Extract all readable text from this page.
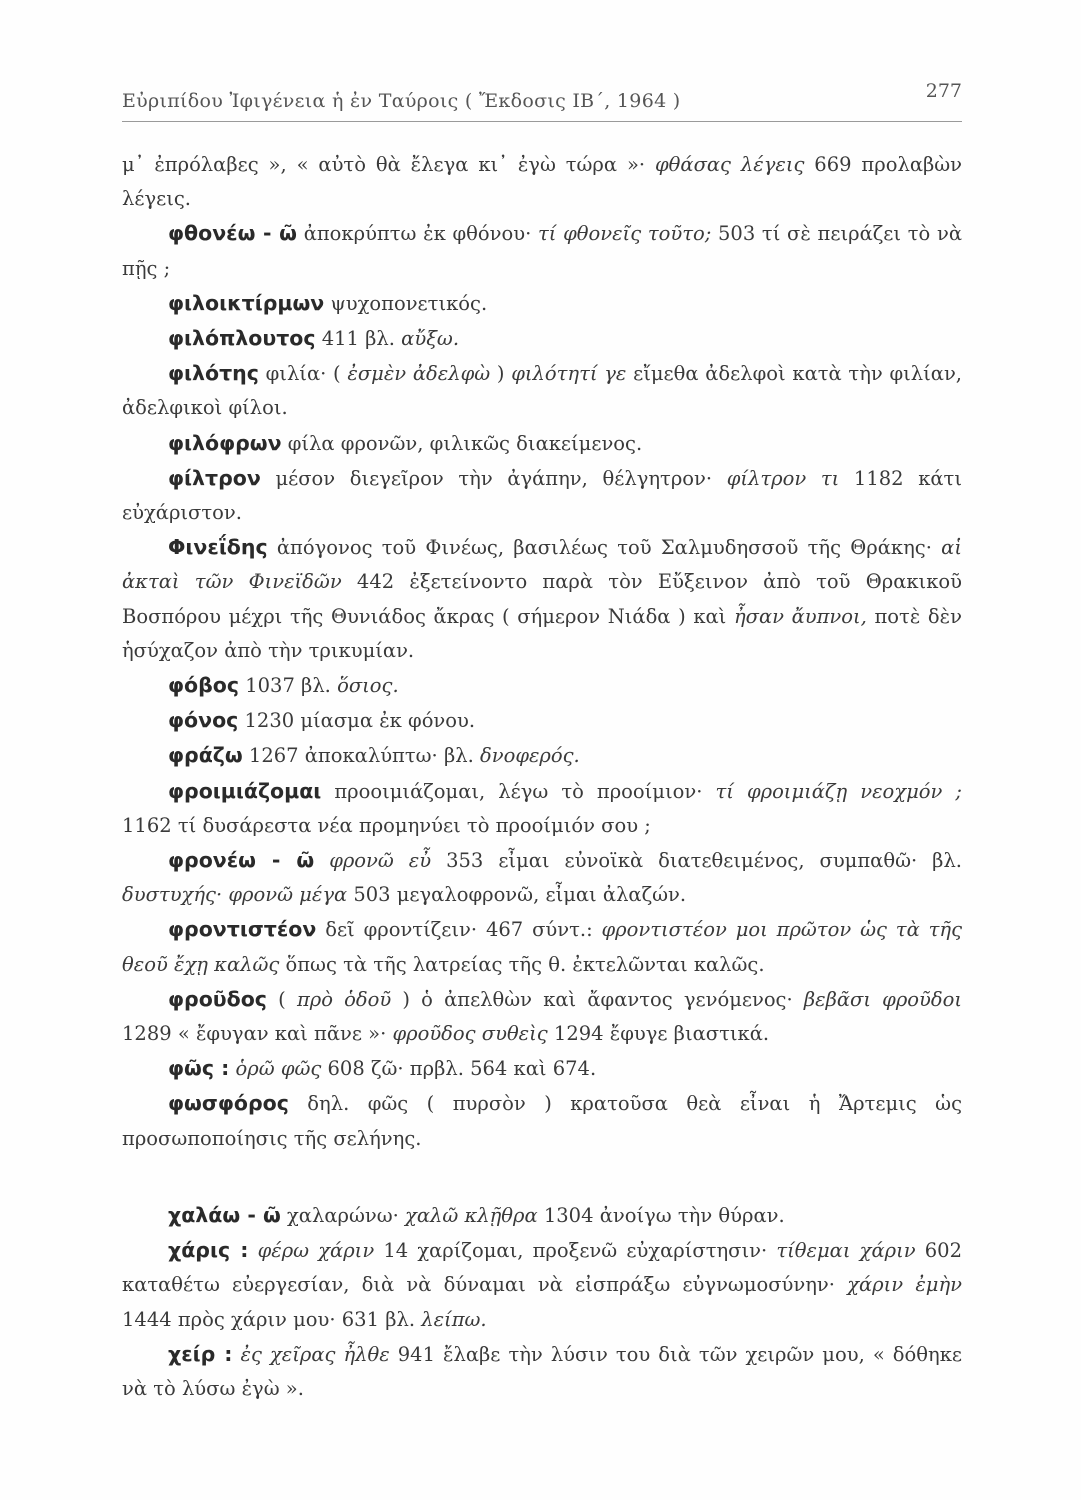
Εὐριπίδου Ἰφιγένεια ἡ ἐν Ταύροις ( Ἔκδοσις ΙΒ΄, 1964 )	277

μ᾽ ἐπρόλαβες », « αὐτὸ θὰ ἔλεγα κι᾽ ἐγὼ τώρα »· φθάσας λέγεις 669 προλαβὼν λέγεις.

φθονέω - ῶ ἀποκρύπτω ἐκ φθόνου· τί φθονεῖς τοῦτο; 503 τί σὲ πειράζει τὸ νὰ πῇς ;

φιλοικτίρμων ψυχοπονετικός.

φιλόπλουτος 411 βλ. αὔξω.

φιλότης φιλία· ( ἐσμὲν ἀδελφὼ ) φιλότητί γε εἴμεθα ἀδελφοὶ κατὰ τὴν φιλίαν, ἀδελφικοὶ φίλοι.

φιλόφρων φίλα φρονῶν, φιλικῶς διακείμενος.

φίλτρον μέσον διεγεῖρον τὴν ἀγάπην, θέλγητρον· φίλτρον τι 1182 κάτι εὐχάριστον.

Φινεΐδης ἀπόγονος τοῦ Φινέως, βασιλέως τοῦ Σαλμυδησσοῦ τῆς Θράκης· αἱ ἀκταὶ τῶν Φινεϊδῶν 442 ἐξετείνοντο παρὰ τὸν Εὔξεινον ἀπὸ τοῦ Θρακικοῦ Βοσπόρου μέχρι τῆς Θυνιάδος ἄκρας ( σήμερον Νιάδα ) καὶ ἦσαν ἄυπνοι, ποτὲ δὲν ἡσύχαζον ἀπὸ τὴν τρικυμίαν.

φόβος 1037 βλ. ὅσιος.

φόνος 1230 μίασμα ἐκ φόνου.

φράζω 1267 ἀποκαλύπτω· βλ. δνοφερός.

φροιμιάζομαι προοιμιάζομαι, λέγω τὸ προοίμιον· τί φροιμιάζῃ νεοχμόν ; 1162 τί δυσάρεστα νέα προμηνύει τὸ προοίμιόν σου ;

φρονέω - ῶ φρονῶ εὖ 353 εἶμαι εὐνοϊκὰ διατεθειμένος, συμπαθῶ· βλ. δυστυχής· φρονῶ μέγα 503 μεγαλοφρονῶ, εἶμαι ἀλαζών.

φροντιστέον δεῖ φροντίζειν· 467 σύντ.: φροντιστέον μοι πρῶτον ὡς τὰ τῆς θεοῦ ἔχῃ καλῶς ὅπως τὰ τῆς λατρείας τῆς θ. ἐκτελῶνται καλῶς.

φροῦδος ( πρὸ ὁδοῦ ) ὁ ἀπελθὼν καὶ ἄφαντος γενόμενος· βεβᾶσι φροῦδοι 1289 « ἔφυγαν καὶ πᾶνε »· φροῦδος συθεὶς 1294 ἔφυγε βιαστικά.

φῶς : ὁρῶ φῶς 608 ζῶ· πρβλ. 564 καὶ 674.

φωσφόρος δηλ. φῶς ( πυρσὸν ) κρατοῦσα θεὰ εἶναι ἡ Ἄρτεμις ὡς προσωποποίησις τῆς σελήνης.

χαλάω - ῶ χαλαρώνω· χαλῶ κλῇθρα 1304 ἀνοίγω τὴν θύραν.

χάρις : φέρω χάριν 14 χαρίζομαι, προξενῶ εὐχαρίστησιν· τίθεμαι χάριν 602 καταθέτω εὐεργεσίαν, διὰ νὰ δύναμαι νὰ εἰσπράξω εὐγνωμοσύνην· χάριν ἐμὴν 1444 πρὸς χάριν μου· 631 βλ. λείπω.

χείρ : ἐς χεῖρας ἦλθε 941 ἔλαβε τὴν λύσιν του διὰ τῶν χειρῶν μου, « δόθηκε νὰ τὸ λύσω ἐγὼ ».
